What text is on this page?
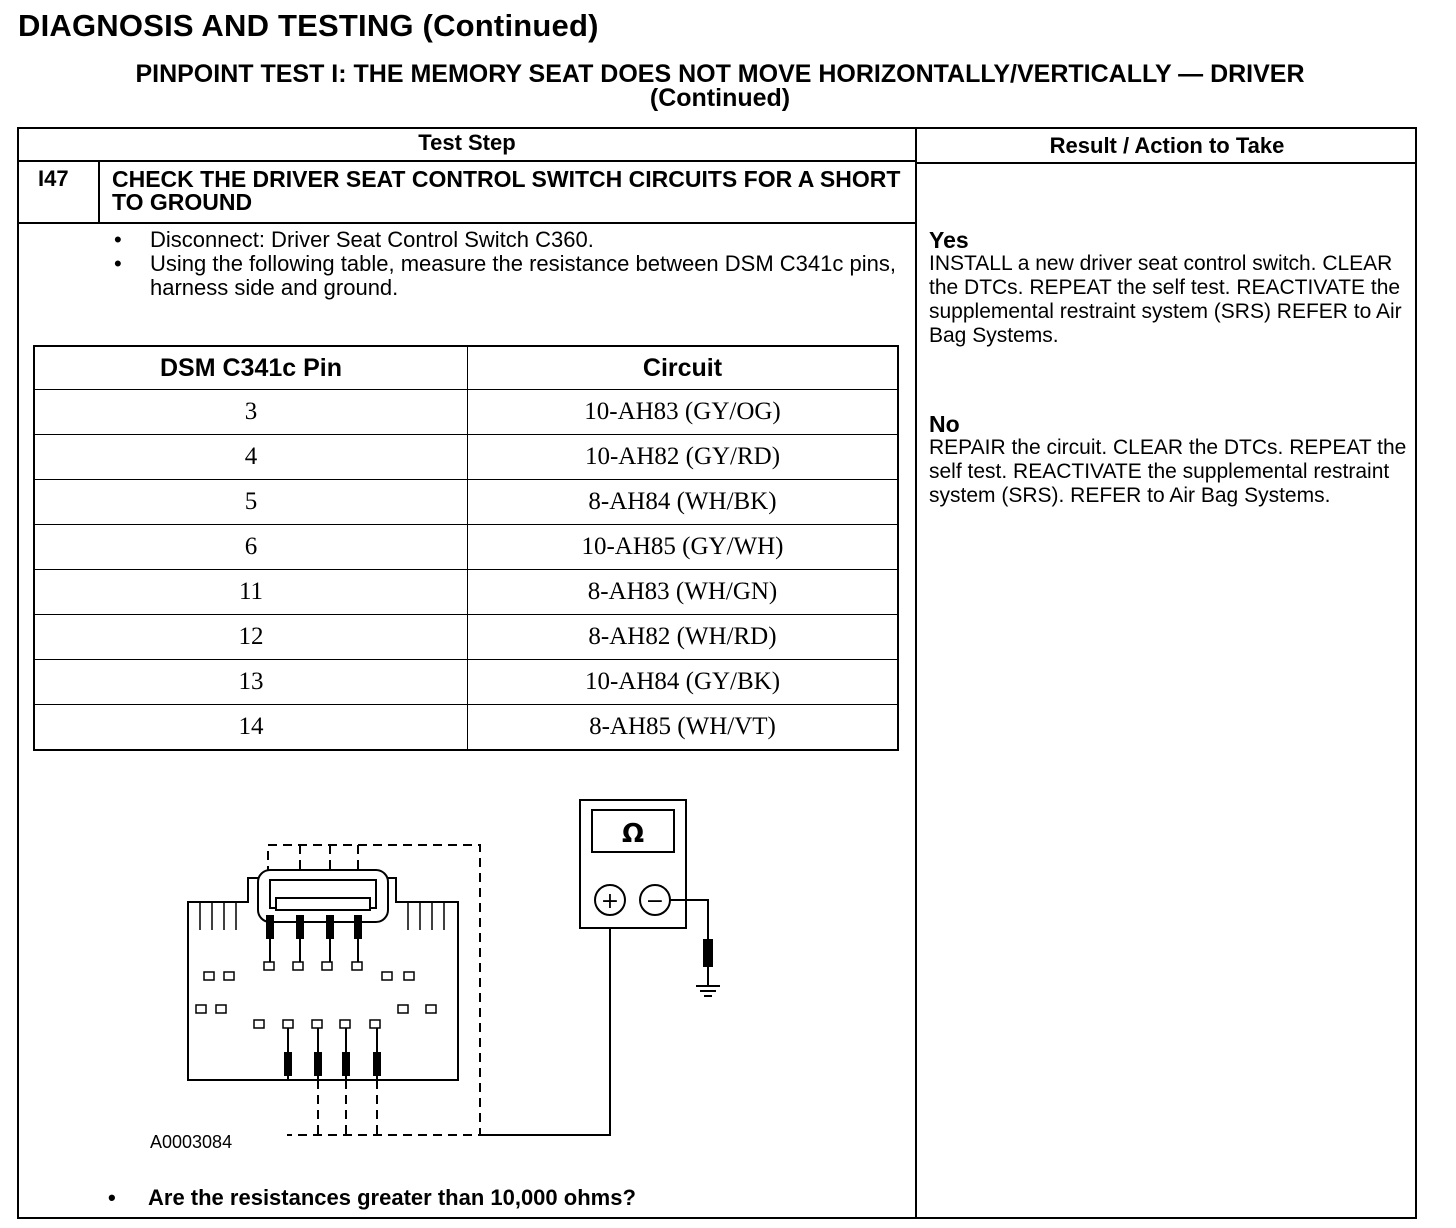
DIAGNOSIS AND TESTING (Continued)
PINPOINT TEST I: THE MEMORY SEAT DOES NOT MOVE HORIZONTALLY/VERTICALLY — DRIVER
(Continued)
Test Step	Result / Action to Take
I47 CHECK THE DRIVER SEAT CONTROL SWITCH CIRCUITS FOR A SHORT TO GROUND
• Disconnect: Driver Seat Control Switch C360.
• Using the following table, measure the resistance between DSM C341c pins, harness side and ground.
DSM C341c Pin	Circuit
3	10-AH83 (GY/OG)
4	10-AH82 (GY/RD)
5	8-AH84 (WH/BK)
6	10-AH85 (GY/WH)
11	8-AH83 (WH/GN)
12	8-AH82 (WH/RD)
13	10-AH84 (GY/BK)
14	8-AH85 (WH/VT)
Ω
+ −
A0003084
• Are the resistances greater than 10,000 ohms?
Yes
INSTALL a new driver seat control switch. CLEAR the DTCs. REPEAT the self test. REACTIVATE the supplemental restraint system (SRS) REFER to Air Bag Systems.
No
REPAIR the circuit. CLEAR the DTCs. REPEAT the self test. REACTIVATE the supplemental restraint system (SRS). REFER to Air Bag Systems.
